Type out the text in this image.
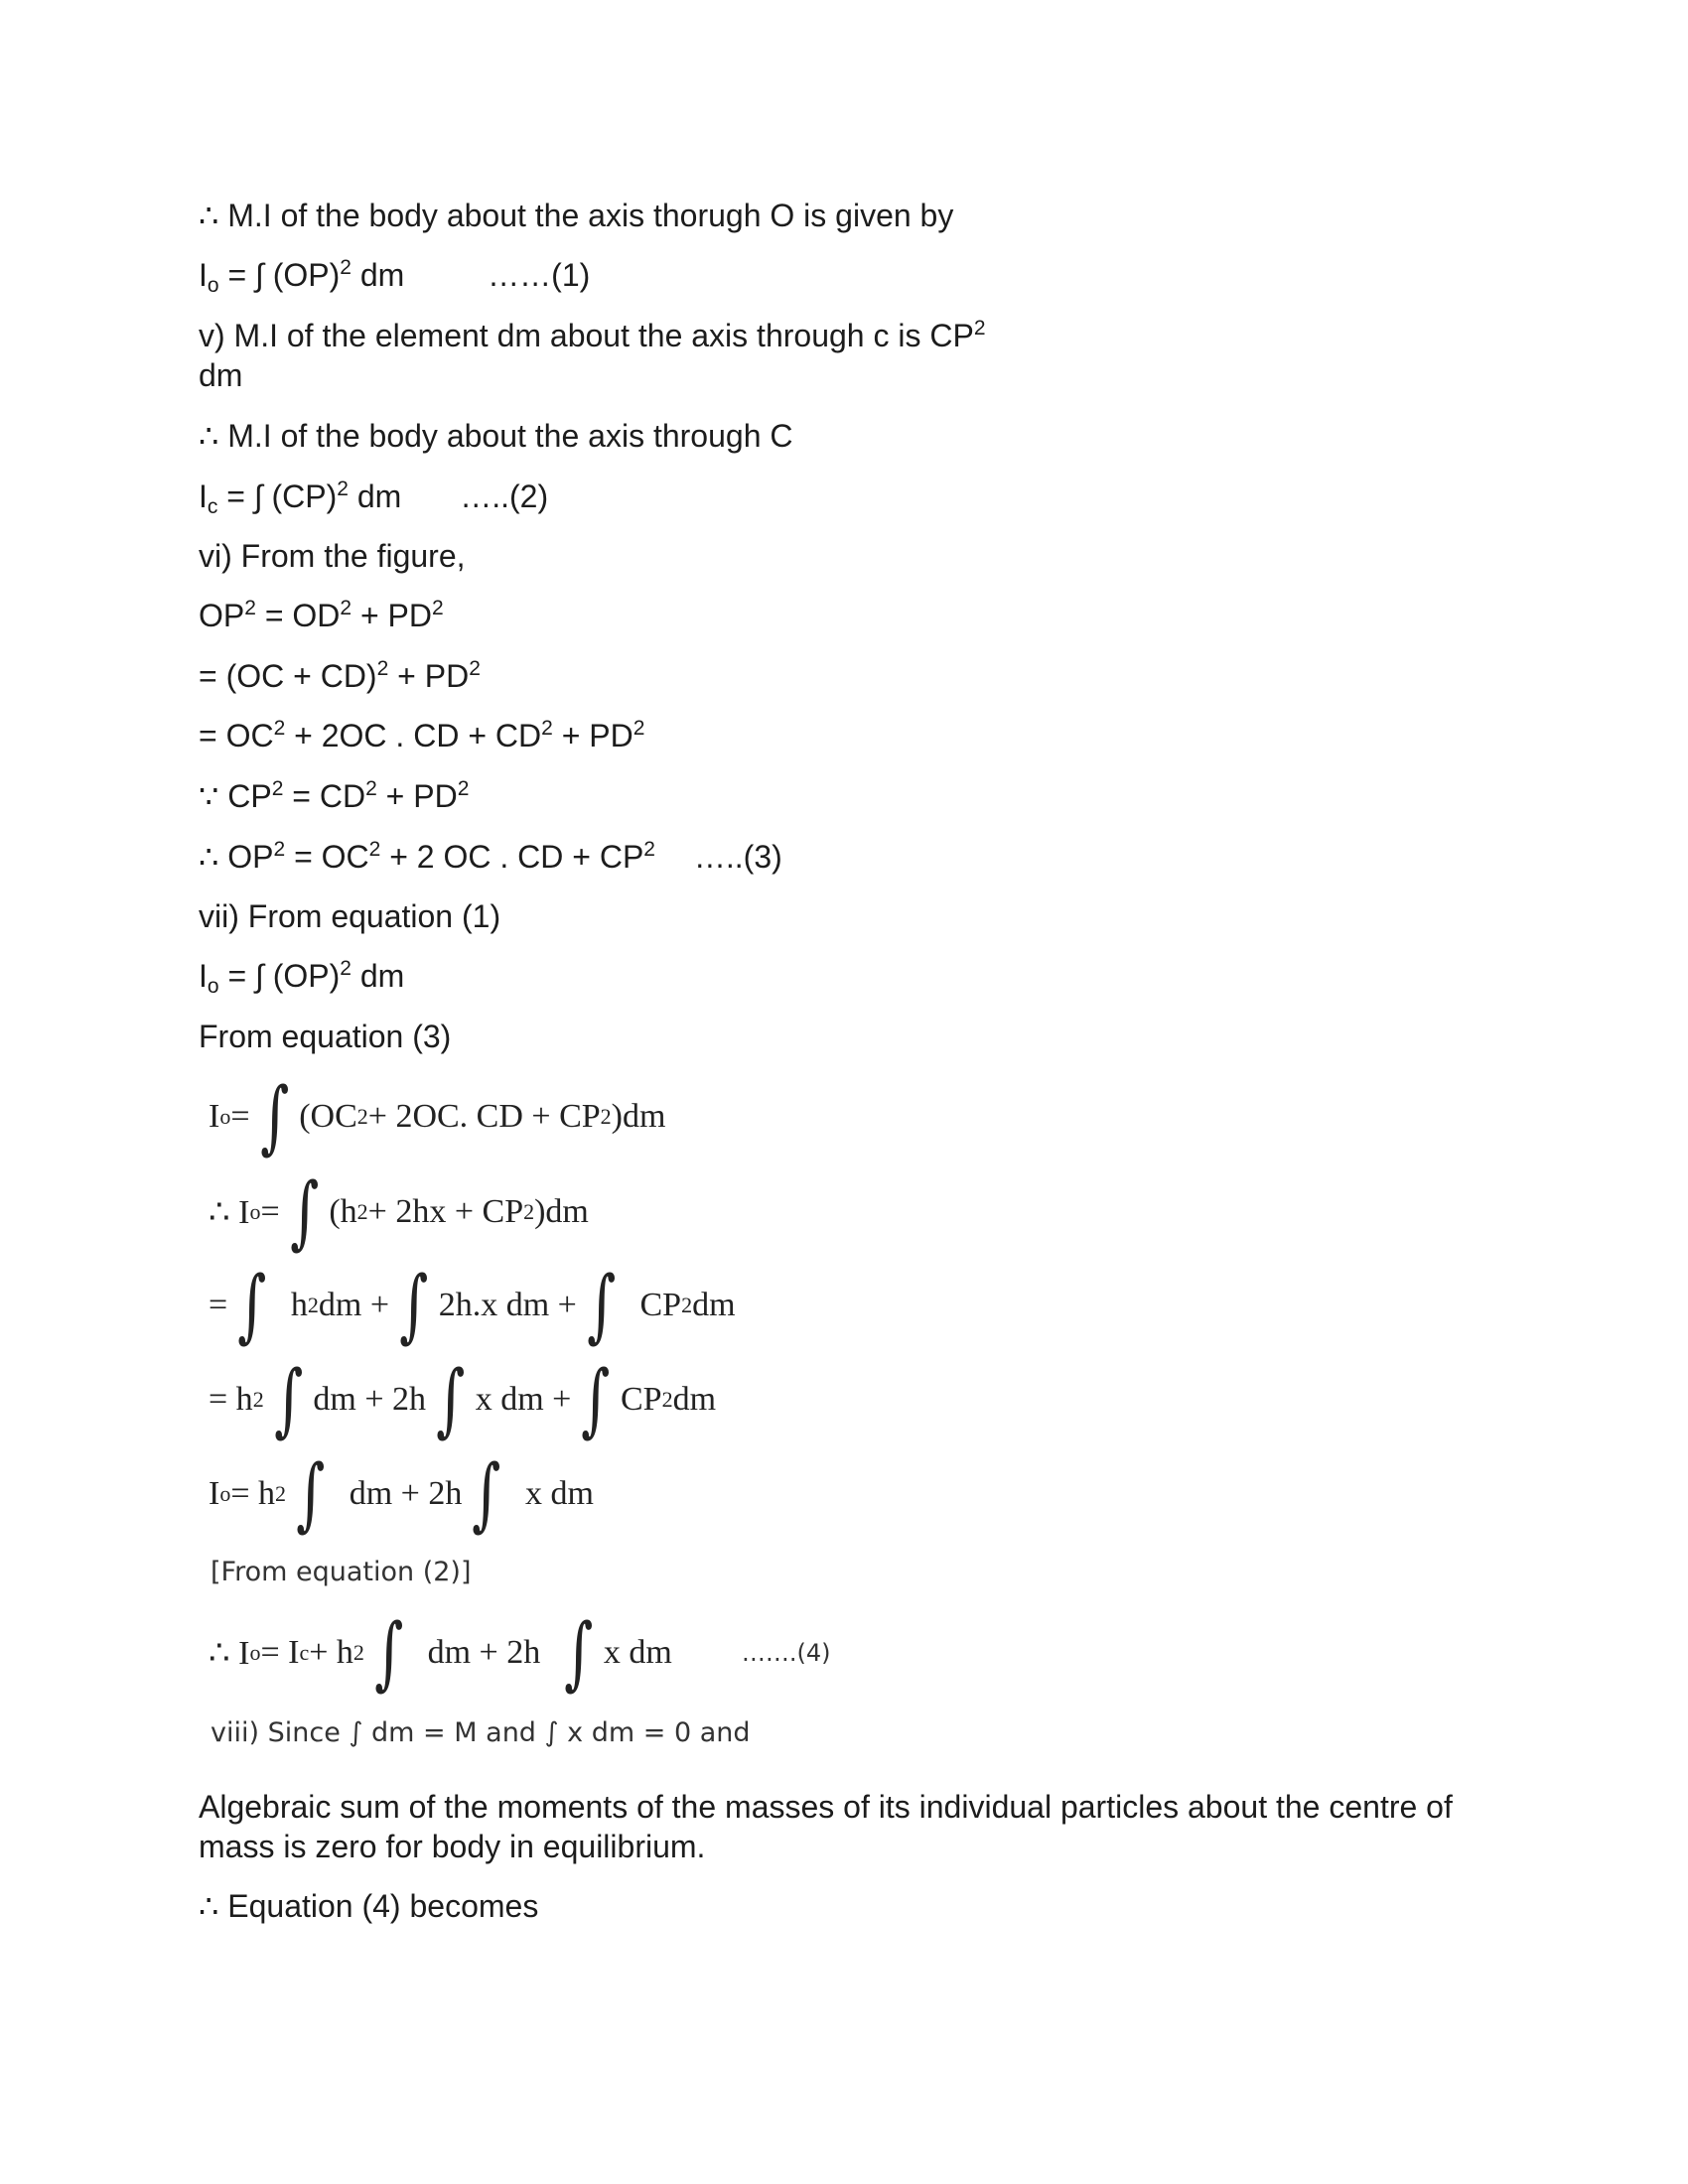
∴ M.I of the body about the axis thorugh O is given by

$I_o$ = ∫ (OP)$^2$ dm	……(1)

v) M.I of the element dm about the axis through c is $CP^2$
dm

∴ M.I of the body about the axis through C

$I_c$ = ∫ (CP)$^2$ dm …..(2)

vi) From the figure,

$OP^2 = OD^2 + PD^2$

= $(OC + CD)^2 + PD^2$

= $OC^2 + 2OC$ . CD + $CD^2 + PD^2$

∵ $CP^2 = CD^2 + PD^2$

∴ $OP^2 = OC^2 + 2$ OC . CD + $CP^2$ …..(3)

vii) From equation (1)

$I_o$ = ∫ (OP)$^2$ dm

From equation (3)

I o = ∫ (OC 2 + 2OC. CD + CP 2 )dm
∴ I o = ∫ (h 2 + 2hx + CP 2 )dm
= ∫ h 2 dm + ∫ 2h.x dm + ∫ CP 2 dm
= h 2 ∫ dm + 2h ∫ x dm + ∫ CP 2 dm
I o = h 2 ∫ dm + 2h ∫ x dm
[From equation (2)]
∴ I o = I c + h 2 ∫ dm + 2h ∫ x dm	…….(4)
viii) Since ∫ dm = M and ∫ x dm = 0 and

Algebraic sum of the moments of the masses of its individual particles about the centre of mass is zero for body in equilibrium.

∴ Equation (4) becomes
